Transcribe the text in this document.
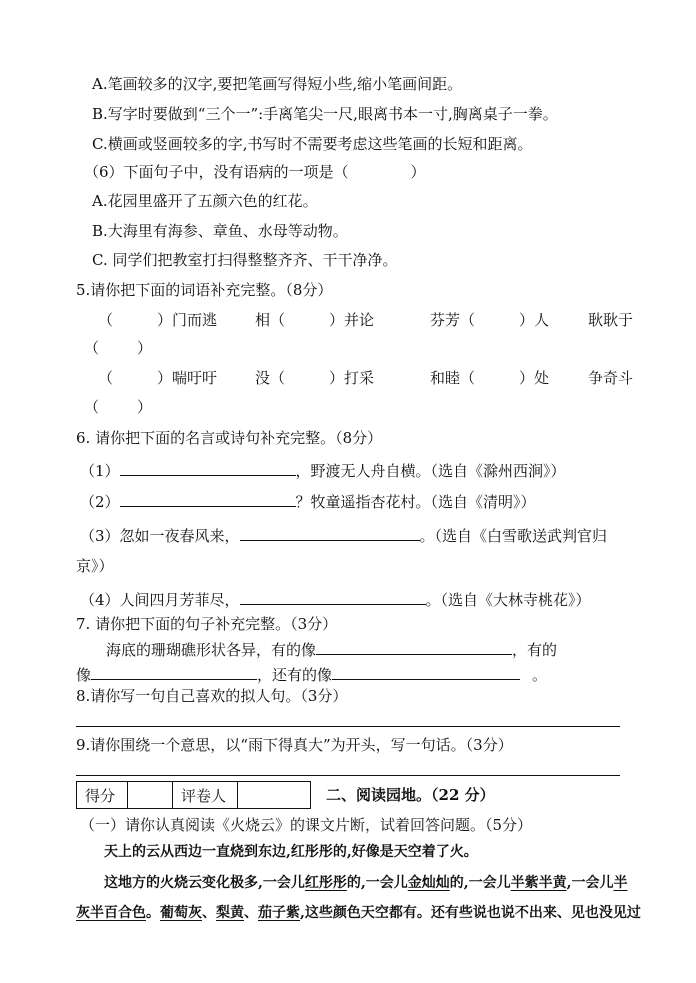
A.笔画较多的汉字,要把笔画写得短小些,缩小笔画间距。
B.写字时要做到“三个一”:手离笔尖一尺,眼离书本一寸,胸离桌子一拳。
C.横画或竖画较多的字,书写时不需要考虑这些笔画的长短和距离。
（6）下面句子中，没有语病的一项是（	）
A.花园里盛开了五颜六色的红花。
B.大海里有海参、章鱼、水母等动物。
C. 同学们把教室打扫得整整齐齐、干干净净。
5.请你把下面的词语补充完整。（8分）
（	）门而逃	相（	）并论	芬芳（	）人	耿耿于
（	）
（	）喘吁吁	没（	）打采	和睦（	）处	争奇斗
（	）
6. 请你把下面的名言或诗句补充完整。（8分）
（1）	，野渡无人舟自横。（选自《滁州西涧》）
（2）	？牧童遥指杏花村。（选自《清明》）
（3）忽如一夜春风来，	。（选自《白雪歌送武判官归
京》）
（4）人间四月芳菲尽，	。（选自《大林寺桃花》）
7. 请你把下面的句子补充完整。（3分）
海底的珊瑚礁形状各异，有的像	，有的
像	，还有的像	。
8.请你写一句自己喜欢的拟人句。（3分）
9.请你围绕一个意思，以“雨下得真大”为开头，写一句话。（3分）
得分		评卷人		二、阅读园地。（22 分）
（一）请你认真阅读《火烧云》的课文片断，试着回答问题。（5分）
天上的云从西边一直烧到东边,红彤彤的,好像是天空着了火。
这地方的火烧云变化极多,一会儿红彤彤的,一会儿金灿灿的,一会儿半紫半黄,一会儿半
灰半百合色。葡萄灰、梨黄、茄子紫,这些颜色天空都有。还有些说也说不出来、见也没见过
